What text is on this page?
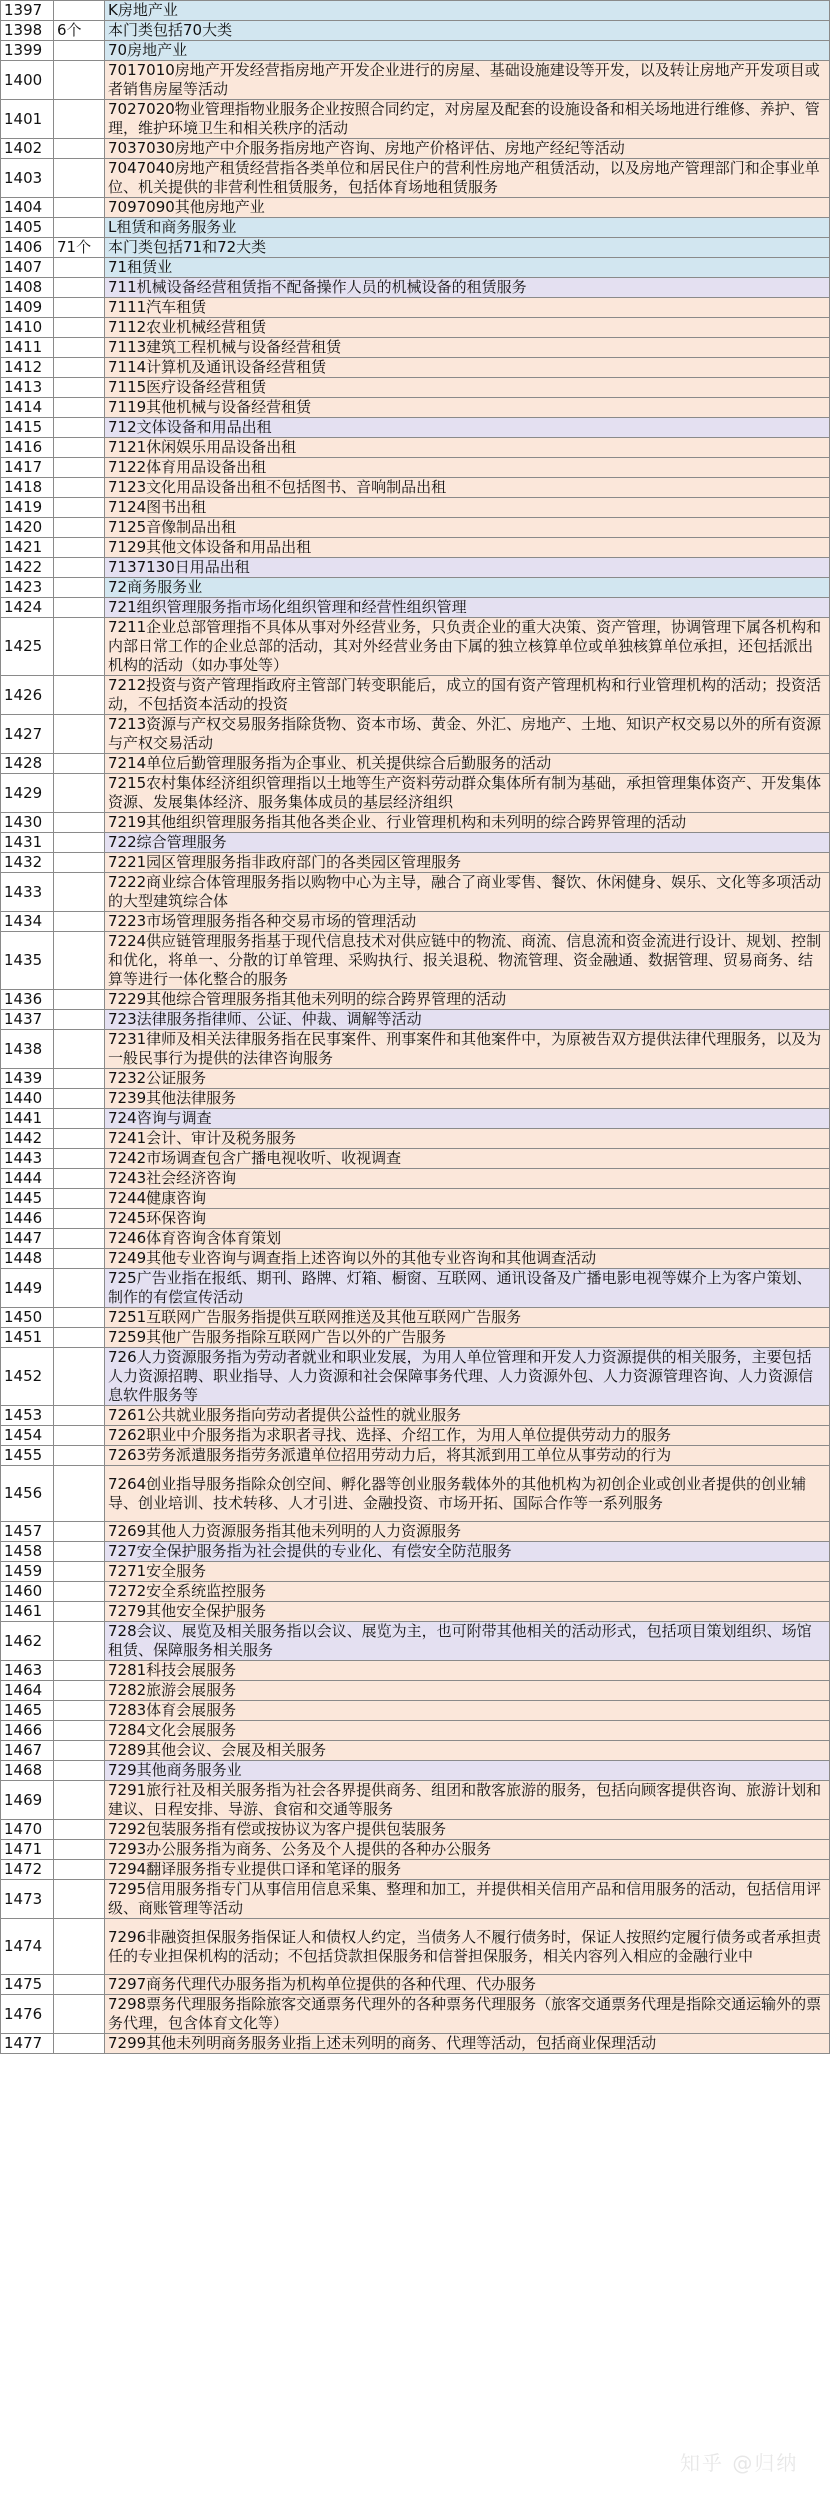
1397		K房地产业
1398	6个	本门类包括70大类
1399		70房地产业
1400		7017010房地产开发经营指房地产开发企业进行的房屋、基础设施建设等开发，以及转让房地产开发项目或者销售房屋等活动
1401		7027020物业管理指物业服务企业按照合同约定，对房屋及配套的设施设备和相关场地进行维修、养护、管理，维护环境卫生和相关秩序的活动
1402		7037030房地产中介服务指房地产咨询、房地产价格评估、房地产经纪等活动
1403		7047040房地产租赁经营指各类单位和居民住户的营利性房地产租赁活动，以及房地产管理部门和企事业单位、机关提供的非营利性租赁服务，包括体育场地租赁服务
1404		7097090其他房地产业
1405		L租赁和商务服务业
1406	71个	本门类包括71和72大类
1407		71租赁业
1408		711机械设备经营租赁指不配备操作人员的机械设备的租赁服务
1409		7111汽车租赁
1410		7112农业机械经营租赁
1411		7113建筑工程机械与设备经营租赁
1412		7114计算机及通讯设备经营租赁
1413		7115医疗设备经营租赁
1414		7119其他机械与设备经营租赁
1415		712文体设备和用品出租
1416		7121休闲娱乐用品设备出租
1417		7122体育用品设备出租
1418		7123文化用品设备出租不包括图书、音响制品出租
1419		7124图书出租
1420		7125音像制品出租
1421		7129其他文体设备和用品出租
1422		7137130日用品出租
1423		72商务服务业
1424		721组织管理服务指市场化组织管理和经营性组织管理
1425		7211企业总部管理指不具体从事对外经营业务，只负责企业的重大决策、资产管理，协调管理下属各机构和内部日常工作的企业总部的活动，其对外经营业务由下属的独立核算单位或单独核算单位承担，还包括派出机构的活动（如办事处等）
1426		7212投资与资产管理指政府主管部门转变职能后，成立的国有资产管理机构和行业管理机构的活动；投资活动，不包括资本活动的投资
1427		7213资源与产权交易服务指除货物、资本市场、黄金、外汇、房地产、土地、知识产权交易以外的所有资源与产权交易活动
1428		7214单位后勤管理服务指为企事业、机关提供综合后勤服务的活动
1429		7215农村集体经济组织管理指以土地等生产资料劳动群众集体所有制为基础，承担管理集体资产、开发集体资源、发展集体经济、服务集体成员的基层经济组织
1430		7219其他组织管理服务指其他各类企业、行业管理机构和未列明的综合跨界管理的活动
1431		722综合管理服务
1432		7221园区管理服务指非政府部门的各类园区管理服务
1433		7222商业综合体管理服务指以购物中心为主导，融合了商业零售、餐饮、休闲健身、娱乐、文化等多项活动的大型建筑综合体
1434		7223市场管理服务指各种交易市场的管理活动
1435		7224供应链管理服务指基于现代信息技术对供应链中的物流、商流、信息流和资金流进行设计、规划、控制和优化，将单一、分散的订单管理、采购执行、报关退税、物流管理、资金融通、数据管理、贸易商务、结算等进行一体化整合的服务
1436		7229其他综合管理服务指其他未列明的综合跨界管理的活动
1437		723法律服务指律师、公证、仲裁、调解等活动
1438		7231律师及相关法律服务指在民事案件、刑事案件和其他案件中，为原被告双方提供法律代理服务，以及为一般民事行为提供的法律咨询服务
1439		7232公证服务
1440		7239其他法律服务
1441		724咨询与调查
1442		7241会计、审计及税务服务
1443		7242市场调查包含广播电视收听、收视调查
1444		7243社会经济咨询
1445		7244健康咨询
1446		7245环保咨询
1447		7246体育咨询含体育策划
1448		7249其他专业咨询与调查指上述咨询以外的其他专业咨询和其他调查活动
1449		725广告业指在报纸、期刊、路牌、灯箱、橱窗、互联网、通讯设备及广播电影电视等媒介上为客户策划、制作的有偿宣传活动
1450		7251互联网广告服务指提供互联网推送及其他互联网广告服务
1451		7259其他广告服务指除互联网广告以外的广告服务
1452		726人力资源服务指为劳动者就业和职业发展，为用人单位管理和开发人力资源提供的相关服务，主要包括人力资源招聘、职业指导、人力资源和社会保障事务代理、人力资源外包、人力资源管理咨询、人力资源信息软件服务等
1453		7261公共就业服务指向劳动者提供公益性的就业服务
1454		7262职业中介服务指为求职者寻找、选择、介绍工作，为用人单位提供劳动力的服务
1455		7263劳务派遣服务指劳务派遣单位招用劳动力后，将其派到用工单位从事劳动的行为
1456		7264创业指导服务指除众创空间、孵化器等创业服务载体外的其他机构为初创企业或创业者提供的创业辅导、创业培训、技术转移、人才引进、金融投资、市场开拓、国际合作等一系列服务
1457		7269其他人力资源服务指其他未列明的人力资源服务
1458		727安全保护服务指为社会提供的专业化、有偿安全防范服务
1459		7271安全服务
1460		7272安全系统监控服务
1461		7279其他安全保护服务
1462		728会议、展览及相关服务指以会议、展览为主，也可附带其他相关的活动形式，包括项目策划组织、场馆租赁、保障服务相关服务
1463		7281科技会展服务
1464		7282旅游会展服务
1465		7283体育会展服务
1466		7284文化会展服务
1467		7289其他会议、会展及相关服务
1468		729其他商务服务业
1469		7291旅行社及相关服务指为社会各界提供商务、组团和散客旅游的服务，包括向顾客提供咨询、旅游计划和建议、日程安排、导游、食宿和交通等服务
1470		7292包装服务指有偿或按协议为客户提供包装服务
1471		7293办公服务指为商务、公务及个人提供的各种办公服务
1472		7294翻译服务指专业提供口译和笔译的服务
1473		7295信用服务指专门从事信用信息采集、整理和加工，并提供相关信用产品和信用服务的活动，包括信用评级、商账管理等活动
1474		7296非融资担保服务指保证人和债权人约定，当债务人不履行债务时，保证人按照约定履行债务或者承担责任的专业担保机构的活动；不包括贷款担保服务和信誉担保服务，相关内容列入相应的金融行业中
1475		7297商务代理代办服务指为机构单位提供的各种代理、代办服务
1476		7298票务代理服务指除旅客交通票务代理外的各种票务代理服务（旅客交通票务代理是指除交通运输外的票务代理，包含体育文化等）
1477		7299其他未列明商务服务业指上述未列明的商务、代理等活动，包括商业保理活动
知乎 @归纳
